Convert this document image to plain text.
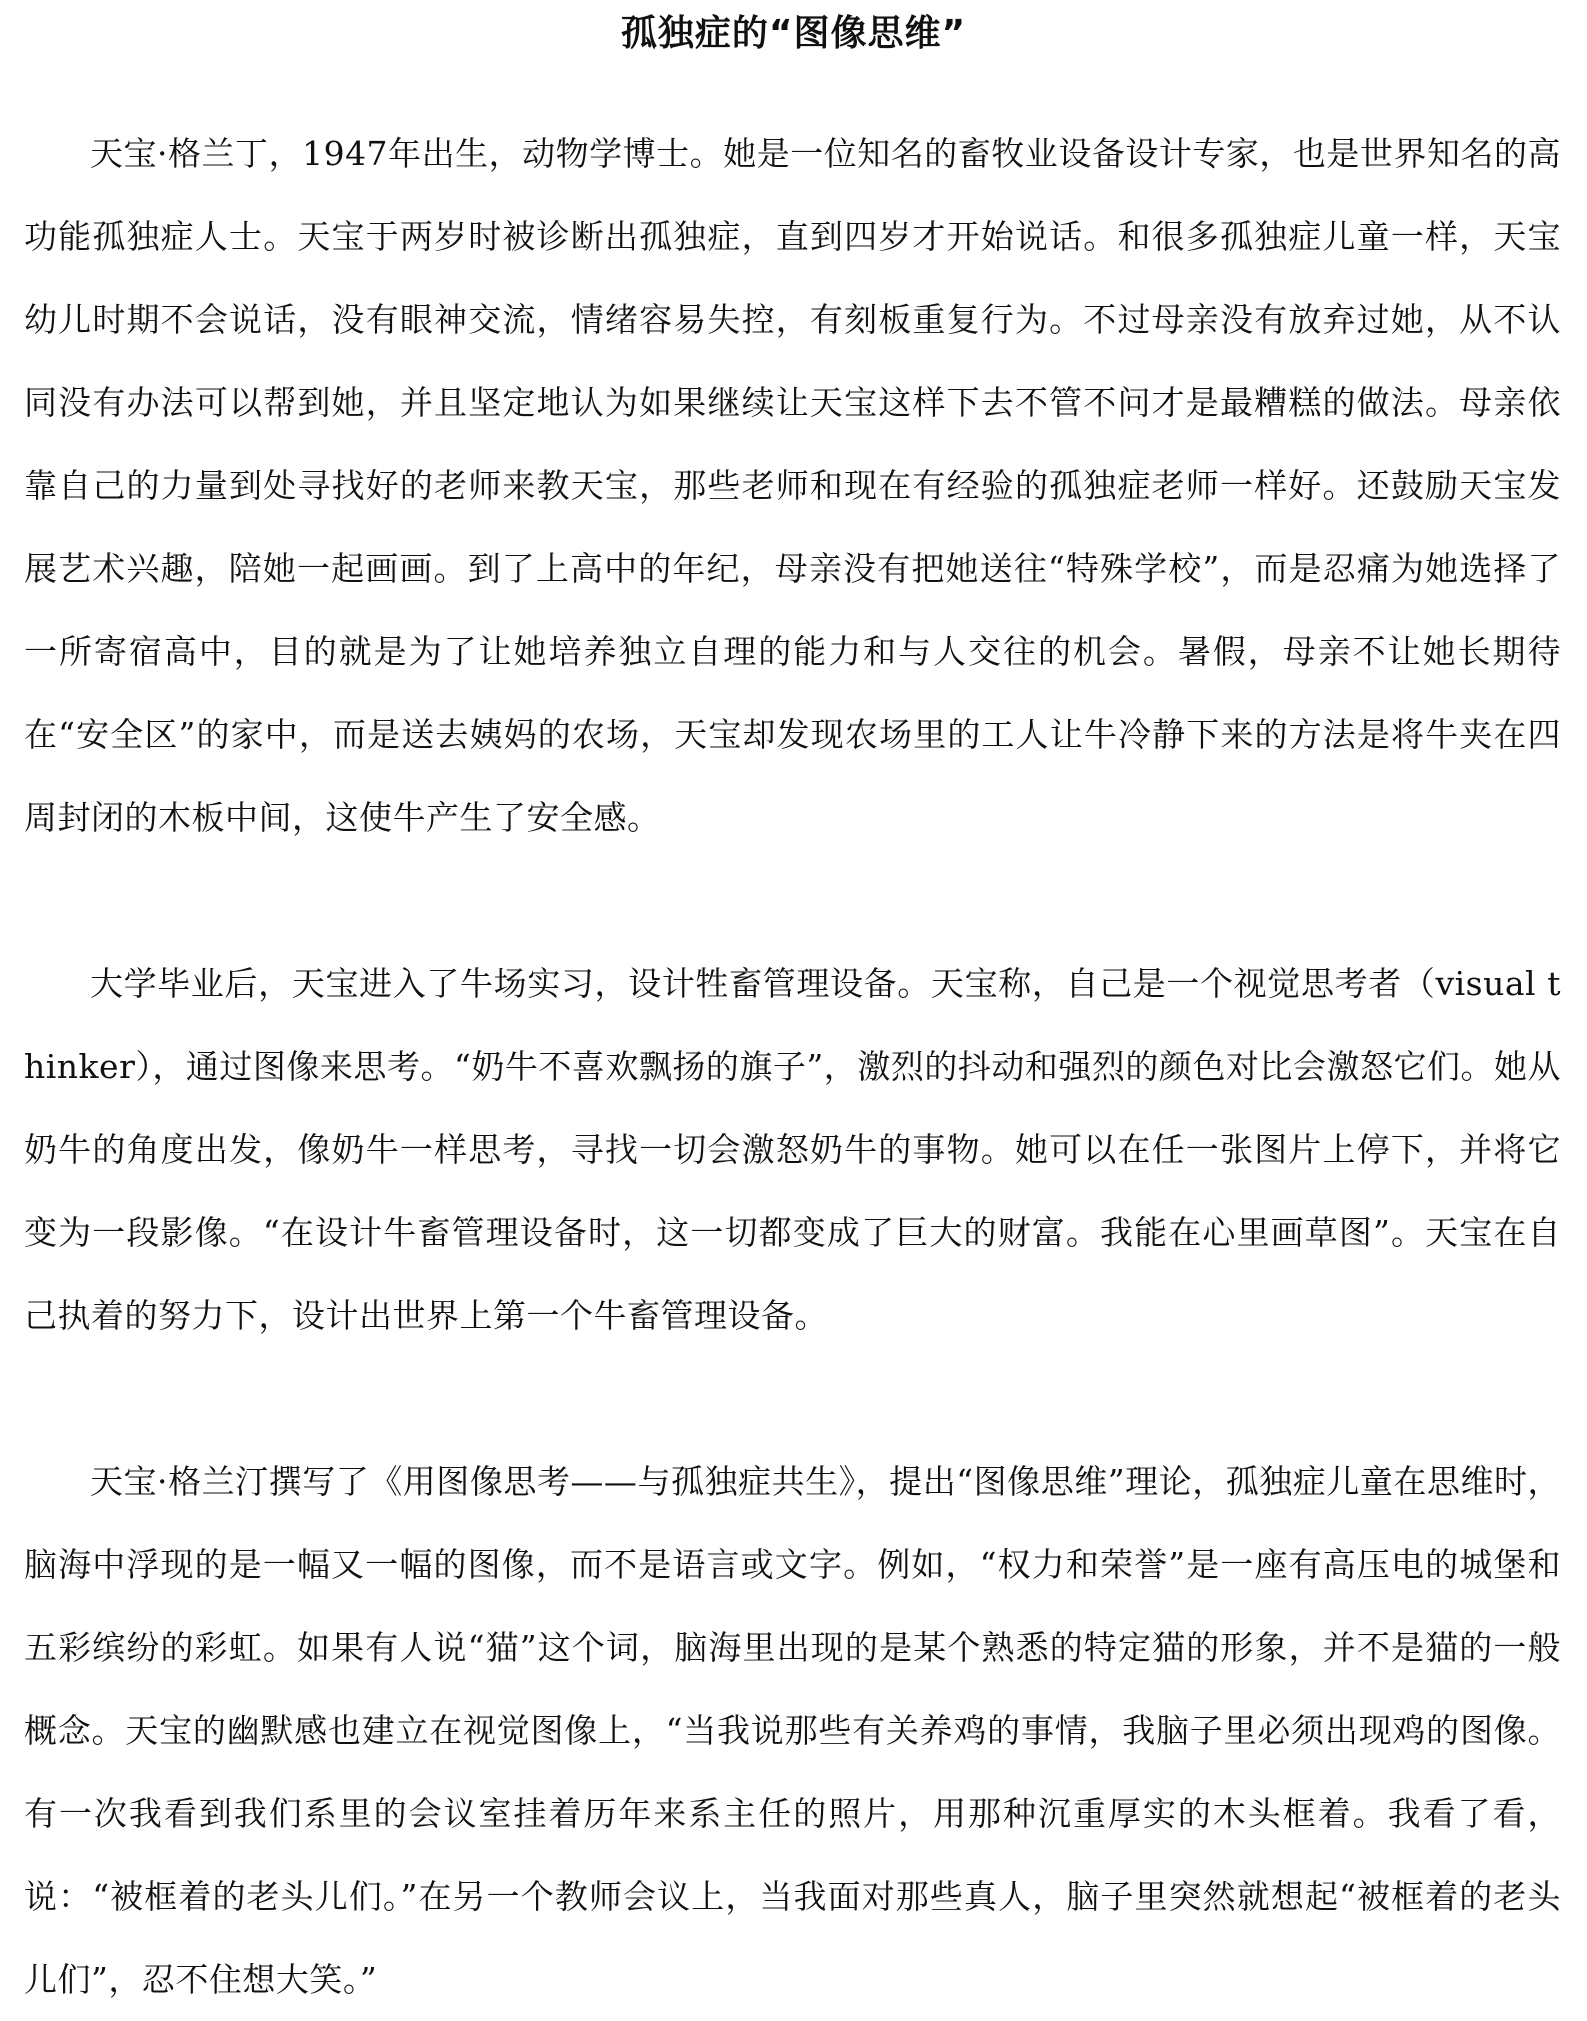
孤独症的“图像思维”

天宝·格兰丁，1947年出生，动物学博士。她是一位知名的畜牧业设备设计专家，也是世界知名的高功能孤独症人士。天宝于两岁时被诊断出孤独症，直到四岁才开始说话。和很多孤独症儿童一样，天宝幼儿时期不会说话，没有眼神交流，情绪容易失控，有刻板重复行为。不过母亲没有放弃过她，从不认同没有办法可以帮到她，并且坚定地认为如果继续让天宝这样下去不管不问才是最糟糕的做法。母亲依靠自己的力量到处寻找好的老师来教天宝，那些老师和现在有经验的孤独症老师一样好。还鼓励天宝发展艺术兴趣，陪她一起画画。到了上高中的年纪，母亲没有把她送往“特殊学校”，而是忍痛为她选择了一所寄宿高中，目的就是为了让她培养独立自理的能力和与人交往的机会。暑假，母亲不让她长期待在“安全区”的家中，而是送去姨妈的农场，天宝却发现农场里的工人让牛冷静下来的方法是将牛夹在四周封闭的木板中间，这使牛产生了安全感。

大学毕业后，天宝进入了牛场实习，设计牲畜管理设备。天宝称，自己是一个视觉思考者（visual thinker），通过图像来思考。“奶牛不喜欢飘扬的旗子”，激烈的抖动和强烈的颜色对比会激怒它们。她从奶牛的角度出发，像奶牛一样思考，寻找一切会激怒奶牛的事物。她可以在任一张图片上停下，并将它变为一段影像。“在设计牛畜管理设备时，这一切都变成了巨大的财富。我能在心里画草图”。天宝在自己执着的努力下，设计出世界上第一个牛畜管理设备。

天宝·格兰汀撰写了《用图像思考——与孤独症共生》，提出“图像思维”理论，孤独症儿童在思维时，脑海中浮现的是一幅又一幅的图像，而不是语言或文字。例如，“权力和荣誉”是一座有高压电的城堡和五彩缤纷的彩虹。如果有人说“猫”这个词，脑海里出现的是某个熟悉的特定猫的形象，并不是猫的一般概念。天宝的幽默感也建立在视觉图像上，“当我说那些有关养鸡的事情，我脑子里必须出现鸡的图像。有一次我看到我们系里的会议室挂着历年来系主任的照片，用那种沉重厚实的木头框着。我看了看，说：“被框着的老头儿们。”在另一个教师会议上，当我面对那些真人，脑子里突然就想起“被框着的老头儿们”，忍不住想大笑。”
